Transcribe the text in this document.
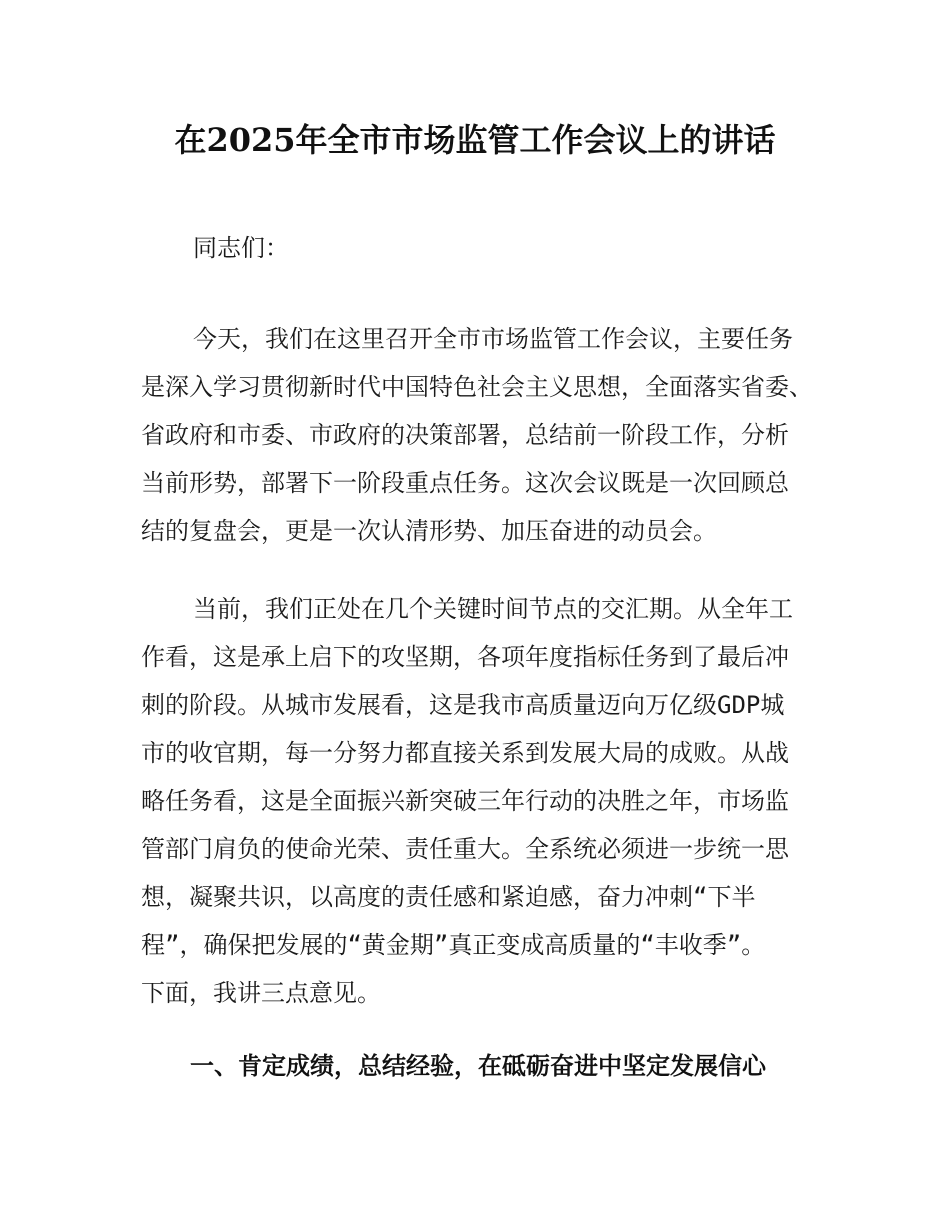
在2025年全市市场监管工作会议上的讲话
同志们：
今天，我们在这里召开全市市场监管工作会议，主要任务
是深入学习贯彻新时代中国特色社会主义思想，全面落实省委、
省政府和市委、市政府的决策部署，总结前一阶段工作，分析
当前形势，部署下一阶段重点任务。这次会议既是一次回顾总
结的复盘会，更是一次认清形势、加压奋进的动员会。
当前，我们正处在几个关键时间节点的交汇期。从全年工
作看，这是承上启下的攻坚期，各项年度指标任务到了最后冲
刺的阶段。从城市发展看，这是我市高质量迈向万亿级GDP城
市的收官期，每一分努力都直接关系到发展大局的成败。从战
略任务看，这是全面振兴新突破三年行动的决胜之年，市场监
管部门肩负的使命光荣、责任重大。全系统必须进一步统一思
想，凝聚共识，以高度的责任感和紧迫感，奋力冲刺“下半
程”，确保把发展的“黄金期”真正变成高质量的“丰收季”。
下面，我讲三点意见。
一、肯定成绩，总结经验，在砥砺奋进中坚定发展信心
